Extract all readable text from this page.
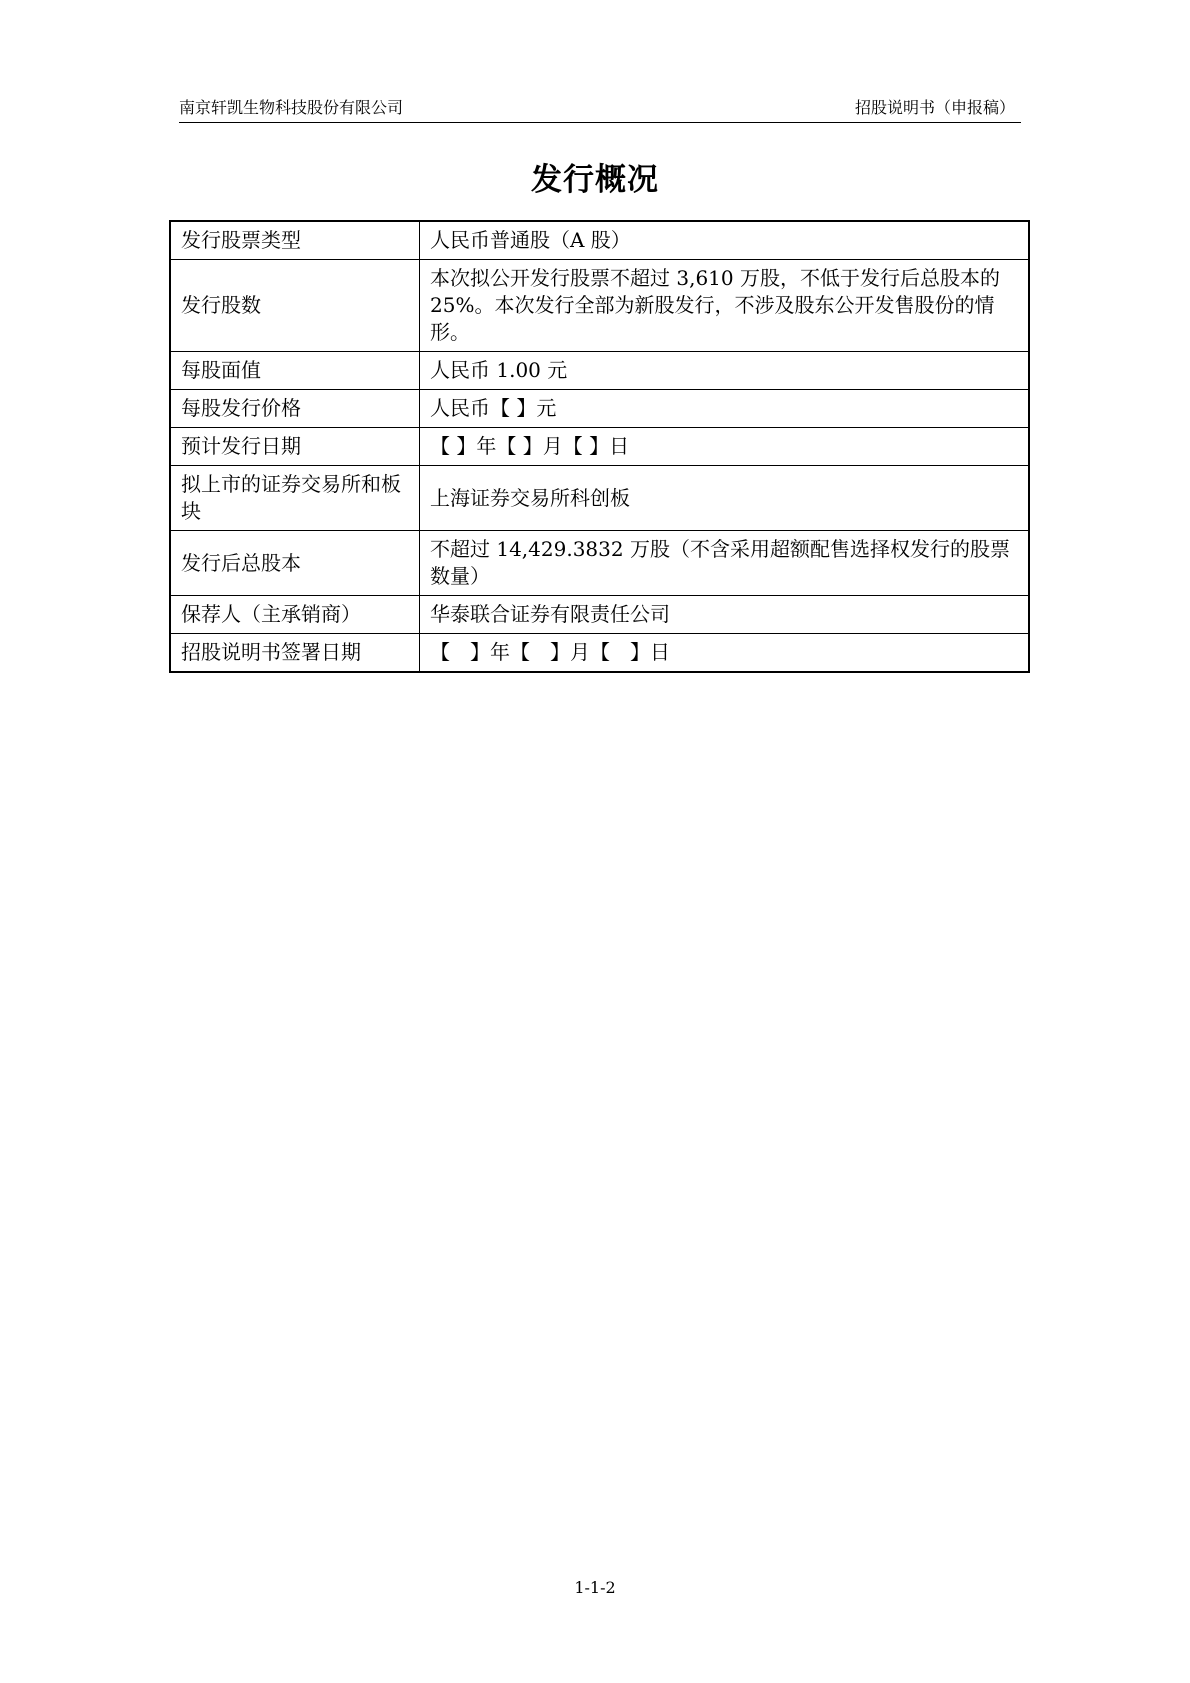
南京轩凯生物科技股份有限公司	招股说明书（申报稿）
发行概况
发行股票类型	人民币普通股（A 股）
发行股数	本次拟公开发行股票不超过 3,610 万股，不低于发行后总股本的 25%。本次发行全部为新股发行，不涉及股东公开发售股份的情形。
每股面值	人民币 1.00 元
每股发行价格	人民币【 】元
预计发行日期	【 】年【 】月【 】日
拟上市的证券交易所和板块	上海证券交易所科创板
发行后总股本	不超过 14,429.3832 万股（不含采用超额配售选择权发行的股票数量）
保荐人（主承销商）	华泰联合证券有限责任公司
招股说明书签署日期	【　】年【　】月【　】日
1-1-2
